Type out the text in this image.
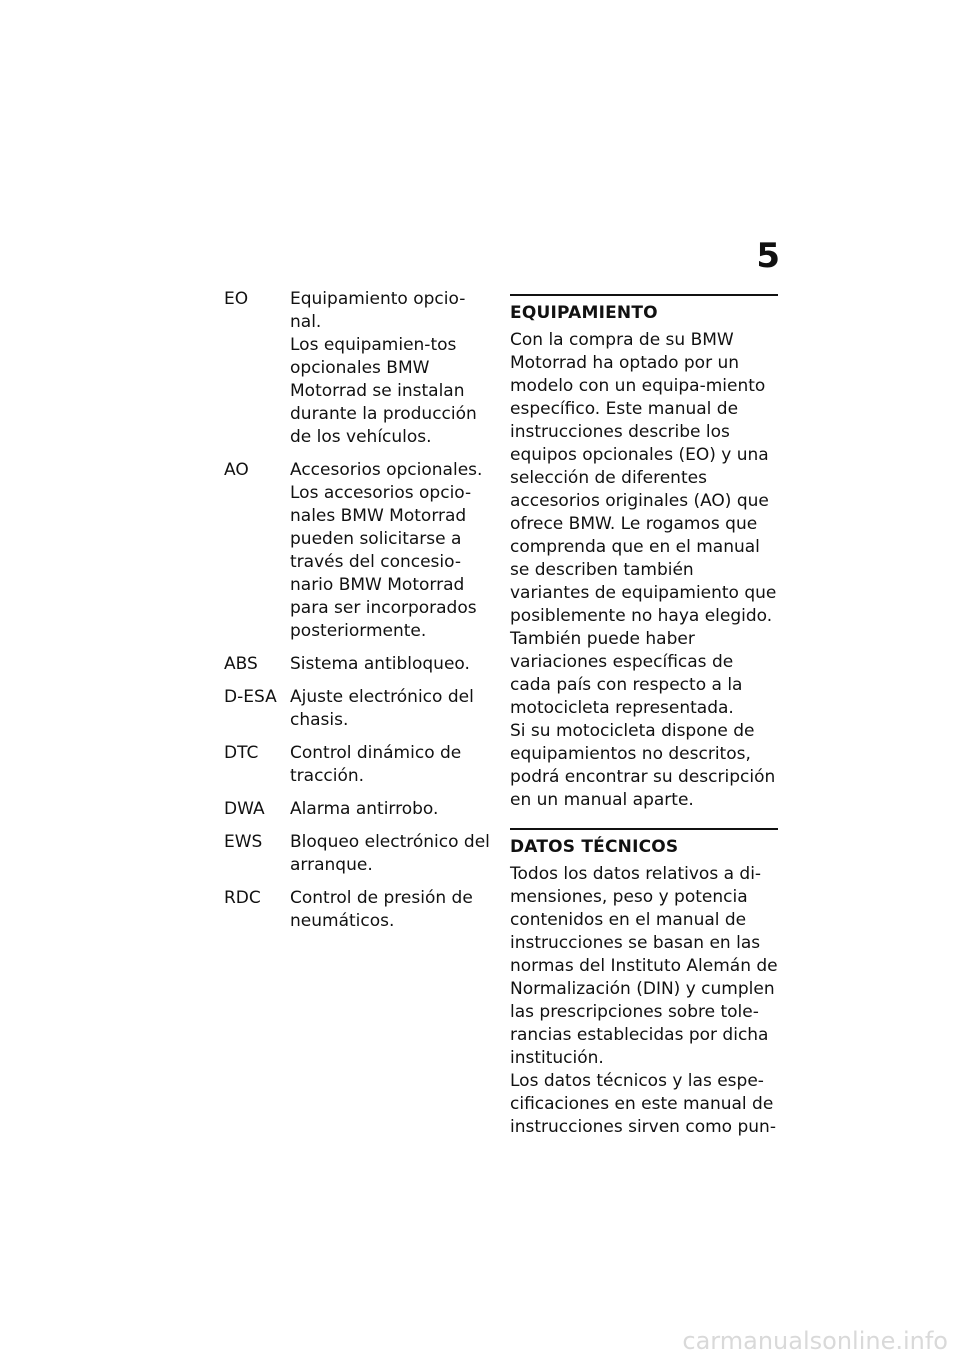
5
EO	Equipamiento opcio-nal.

Los equipamien-tos opcionales BMW Motorrad se instalan durante la producción de los vehículos.

AO	Accesorios opcionales.

Los accesorios opcio-nales BMW Motorrad pueden solicitarse a través del concesio-nario BMW Motorrad para ser incorporados posteriormente.

ABS	Sistema antibloqueo.

D-ESA Ajuste electrónico del chasis.

DTC	Control dinámico de tracción.

DWA	Alarma antirrobo.

EWS	Bloqueo electrónico del arranque.

RDC	Control de presión de neumáticos.

EQUIPAMIENTO

Con la compra de su BMW Motorrad ha optado por un modelo con un equipa-miento específico. Este manual de instrucciones describe los equipos opcionales (EO) y una selección de diferentes accesorios originales (AO) que ofrece BMW. Le rogamos que comprenda que en el manual se describen también variantes de equipamiento que posiblemente no haya elegido. También puede haber variaciones específicas de cada país con respecto a la motocicleta representada.

Si su motocicleta dispone de equipamientos no descritos, podrá encontrar su descripción en un manual aparte.

DATOS TÉCNICOS

Todos los datos relativos a di-mensiones, peso y potencia contenidos en el manual de instrucciones se basan en las normas del Instituto Alemán de Normalización (DIN) y cumplen las prescripciones sobre tole-rancias establecidas por dicha institución.

Los datos técnicos y las espe-cificaciones en este manual de instrucciones sirven como pun-

carmanualsonline.info
